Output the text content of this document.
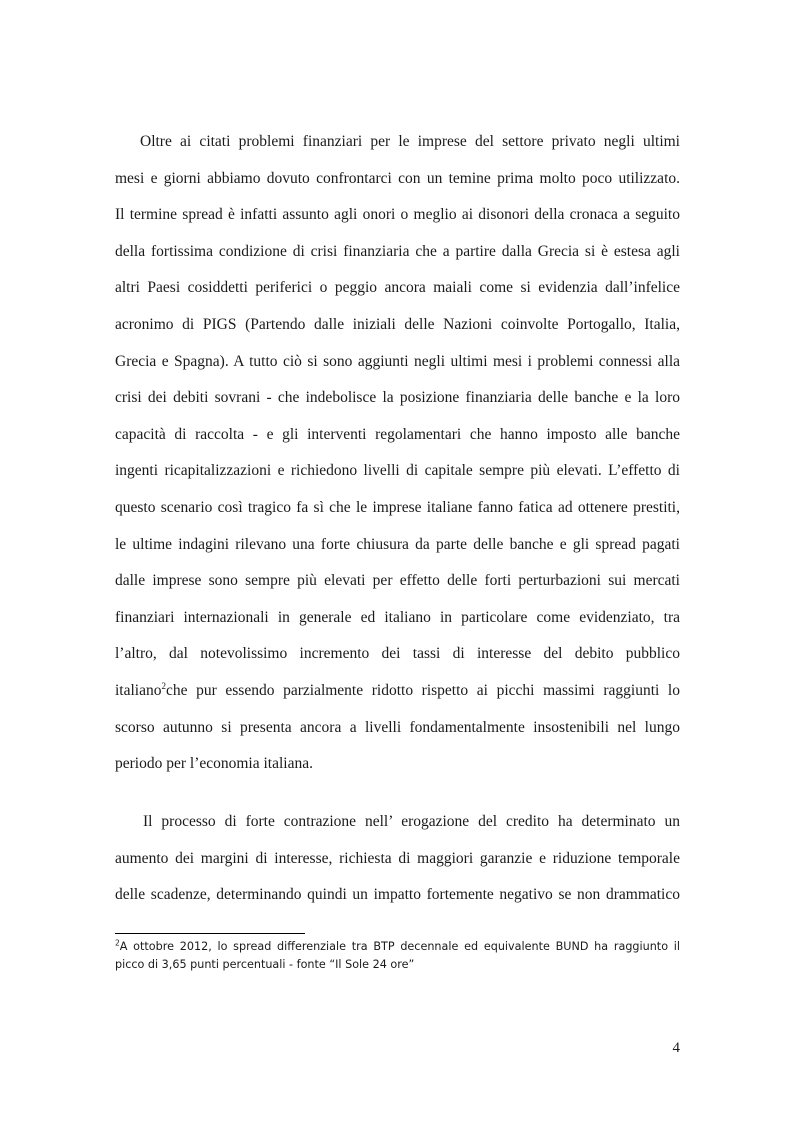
Oltre ai citati problemi finanziari per le imprese del settore privato negli ultimi
mesi e giorni abbiamo dovuto confrontarci con un temine prima molto poco utilizzato.
Il termine spread è infatti assunto agli onori o meglio ai disonori della cronaca a seguito
della fortissima condizione di crisi finanziaria che a partire dalla Grecia si è estesa agli
altri Paesi cosiddetti periferici o peggio ancora maiali come si evidenzia dall’infelice
acronimo di PIGS (Partendo dalle iniziali delle Nazioni coinvolte Portogallo, Italia,
Grecia e Spagna). A tutto ciò si sono aggiunti negli ultimi mesi i problemi connessi alla
crisi dei debiti sovrani - che indebolisce la posizione finanziaria delle banche e la loro
capacità di raccolta - e gli interventi regolamentari che hanno imposto alle banche
ingenti ricapitalizzazioni e richiedono livelli di capitale sempre più elevati. L’effetto di
questo scenario così tragico fa sì che le imprese italiane fanno fatica ad ottenere prestiti,
le ultime indagini rilevano una forte chiusura da parte delle banche e gli spread pagati
dalle imprese sono sempre più elevati per effetto delle forti perturbazioni sui mercati
finanziari internazionali in generale ed italiano in particolare come evidenziato, tra
l’altro, dal notevolissimo incremento dei tassi di interesse del debito pubblico
italiano$^2$che pur essendo parzialmente ridotto rispetto ai picchi massimi raggiunti lo
scorso autunno si presenta ancora a livelli fondamentalmente insostenibili nel lungo
periodo per l’economia italiana.
Il processo di forte contrazione nell’ erogazione del credito ha determinato un
aumento dei margini di interesse, richiesta di maggiori garanzie e riduzione temporale
delle scadenze, determinando quindi un impatto fortemente negativo se non drammatico
$^2$A ottobre 2012, lo spread differenziale tra BTP decennale ed equivalente BUND ha raggiunto il
picco di 3,65 punti percentuali - fonte “Il Sole 24 ore”
4
